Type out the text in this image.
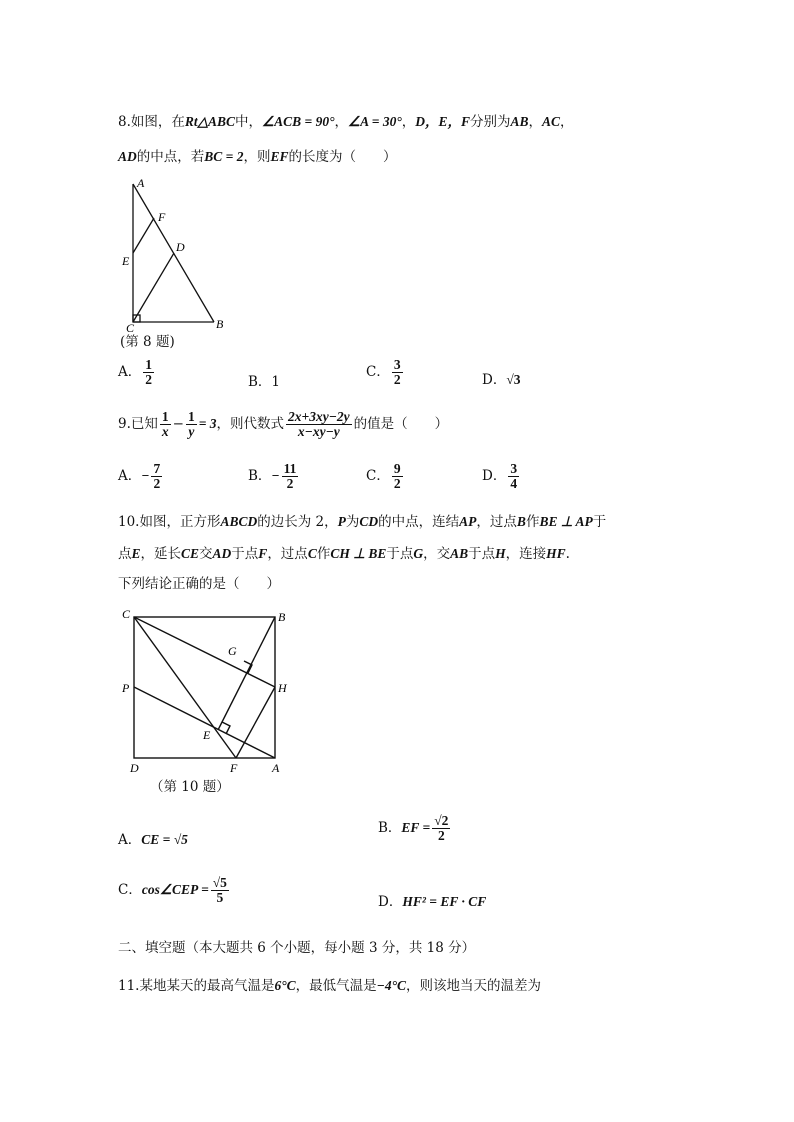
8.如图，在Rt△ABC中，∠ACB = 90°，∠A = 30°，D，E，F分别为AB，AC，
AD的中点，若BC = 2，则EF的长度为（　　）
A
F
D
E
C	B
(第 8 题)
A． $\frac{1}{2}$	B．1
C． $\frac{3}{2}$	D．√3
9.已知 $\frac{1}{x} - \frac{1}{y} = 3$，则代数式 $\frac{2x+3xy-2y}{x-xy-y}$ 的值是（　　）
A．− $\frac{7}{2}$	B．− $\frac{11}{2}$	C． $\frac{9}{2}$	D． $\frac{3}{4}$
10.如图，正方形ABCD的边长为 2，P为CD的中点，连结AP，过点B作BE ⊥ AP于
点E，延长CE交AD于点F，过点C作CH ⊥ BE于点G，交AB于点H，连接HF.
下列结论正确的是（　　）
C	B
G
P	H
E
D	F	A
（第 10 题）
A．CE = √5
B．EF = $\frac{√2}{2}$
C．cos∠CEP = $\frac{√5}{5}$	D．HF² = EF · CF
二、填空题（本大题共 6 个小题，每小题 3 分，共 18 分）
11.某地某天的最高气温是6°C，最低气温是−4°C，则该地当天的温差为
